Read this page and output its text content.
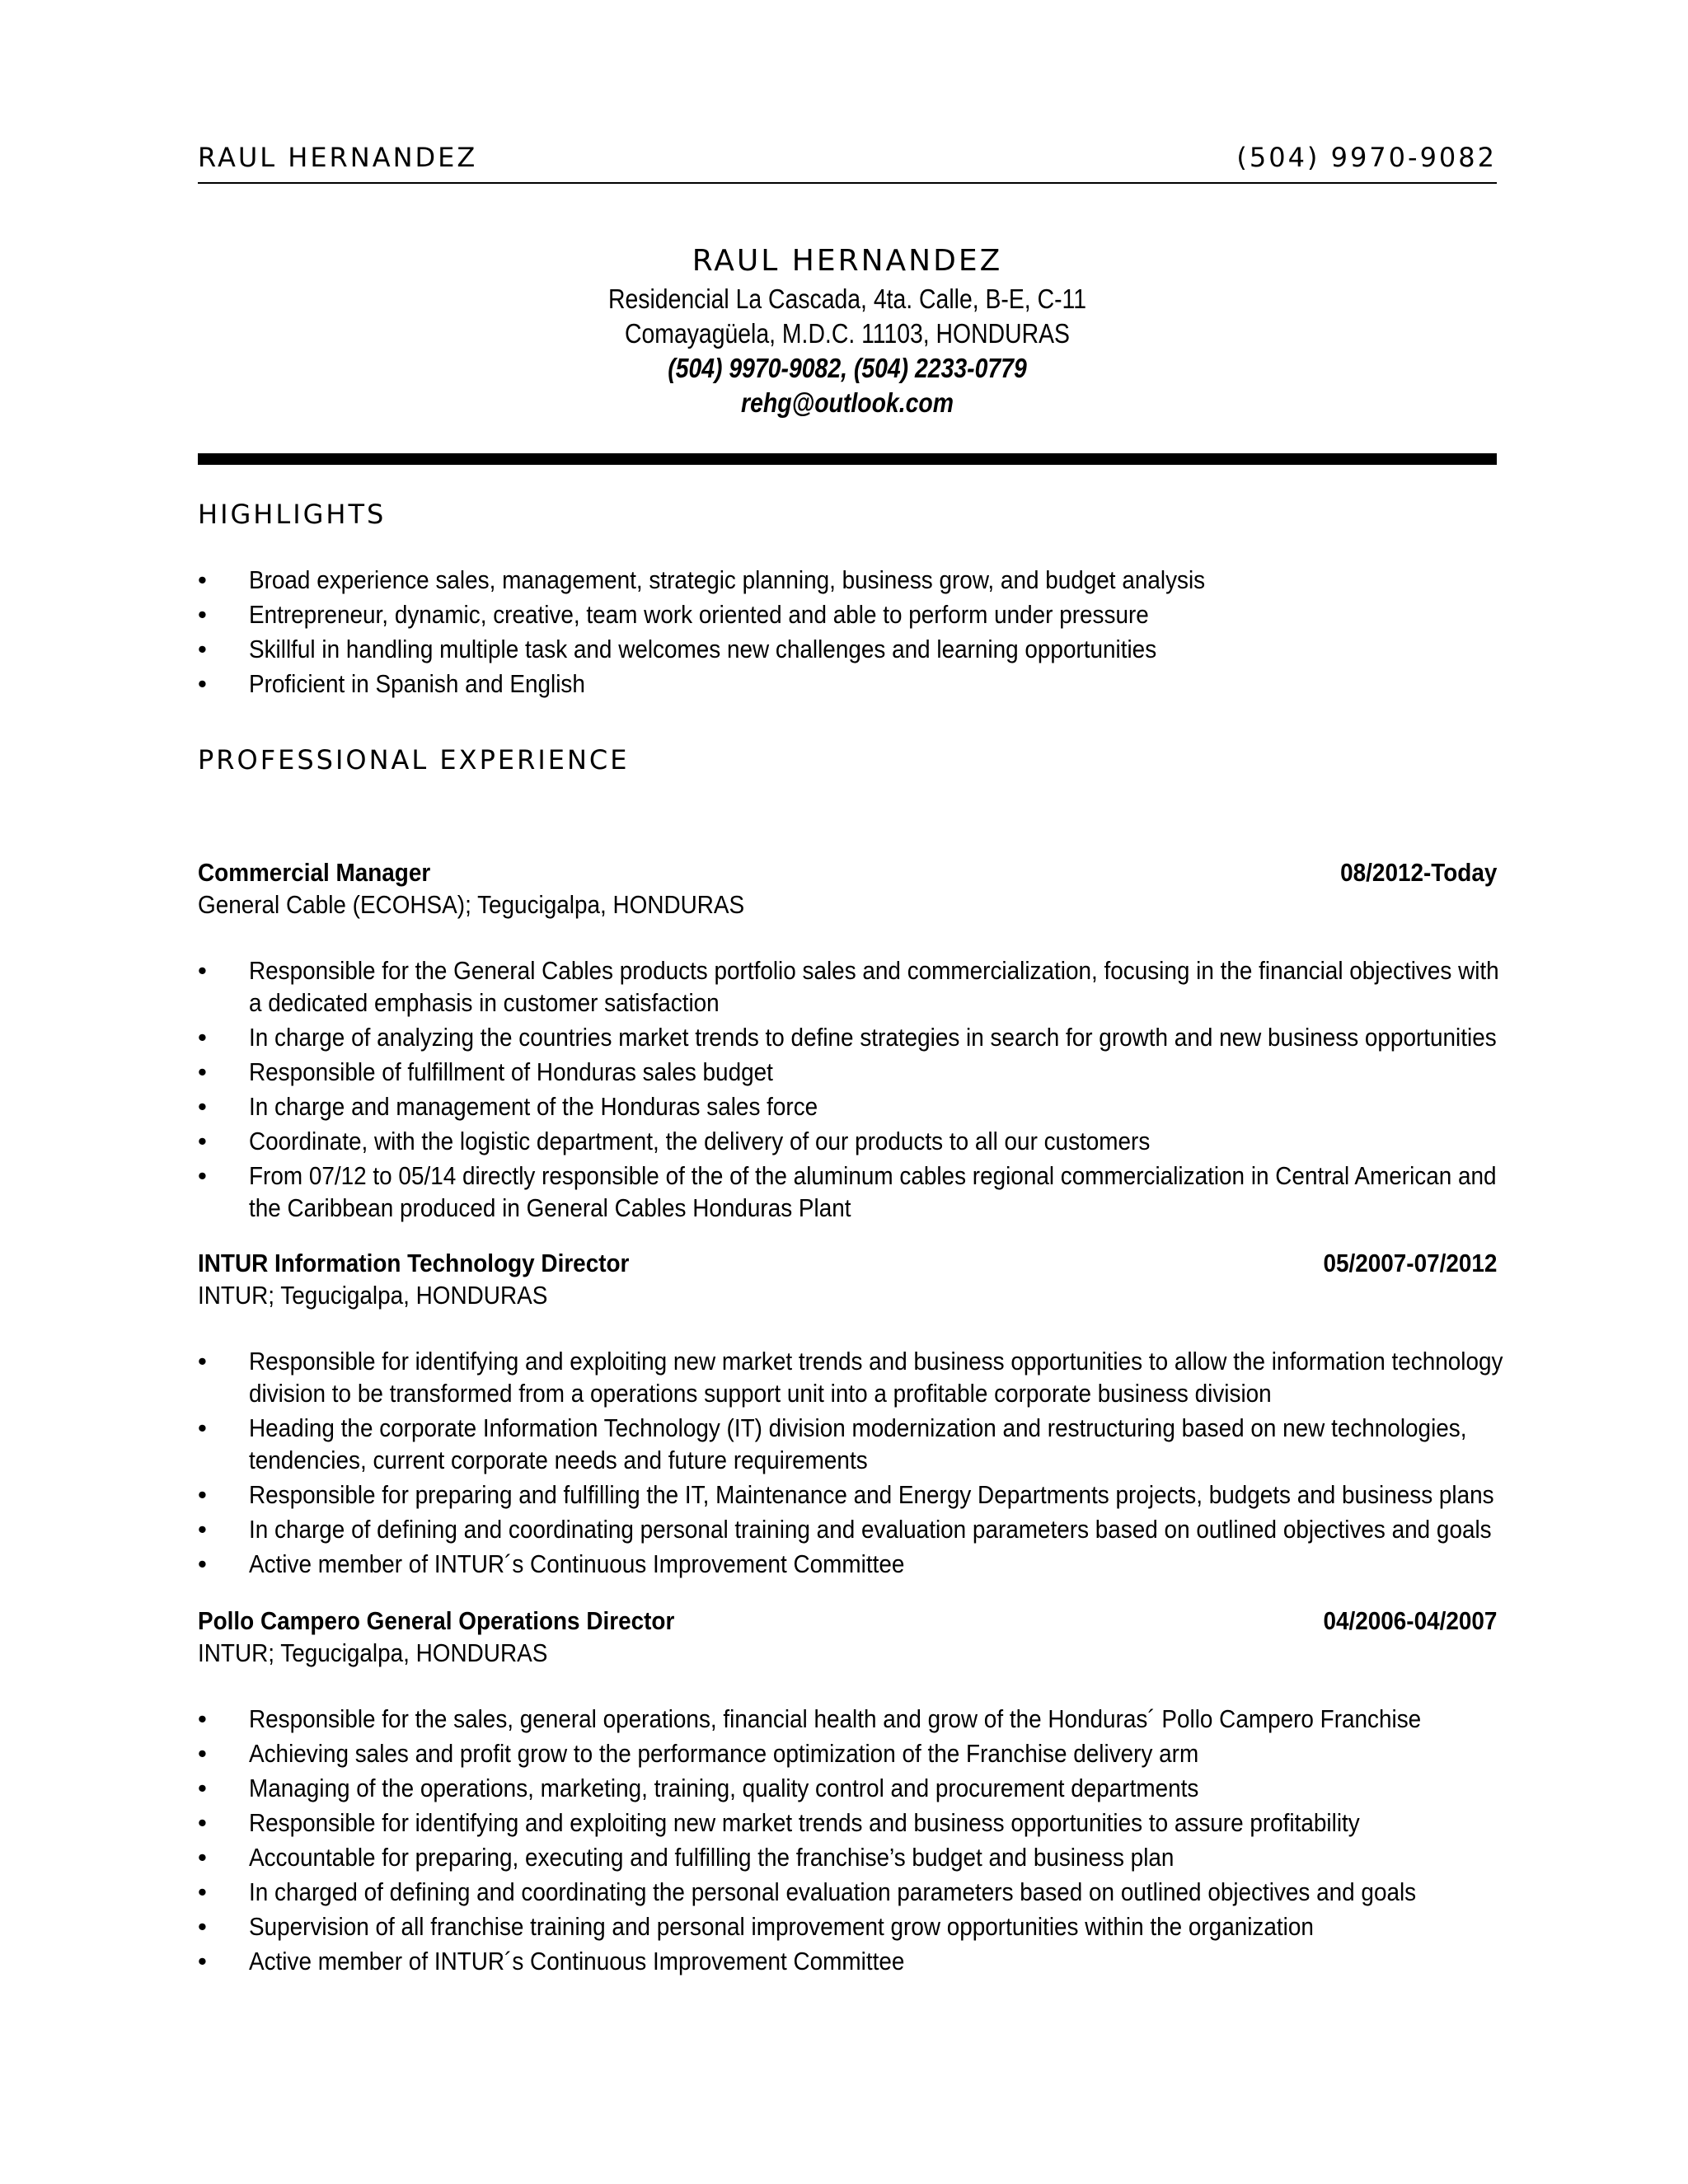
RAUL HERNANDEZ	(504) 9970-9082
RAUL HERNANDEZ
Residencial La Cascada, 4ta. Calle, B-E, C-11
Comayagüela, M.D.C. 11103, HONDURAS
(504) 9970-9082, (504) 2233-0779
rehg@outlook.com
HIGHLIGHTS
• Broad experience sales, management, strategic planning, business grow, and budget analysis
• Entrepreneur, dynamic, creative, team work oriented and able to perform under pressure
• Skillful in handling multiple task and welcomes new challenges and learning opportunities
• Proficient in Spanish and English
PROFESSIONAL EXPERIENCE
Commercial Manager	08/2012-Today
General Cable (ECOHSA); Tegucigalpa, HONDURAS
• Responsible for the General Cables products portfolio sales and commercialization, focusing in the financial objectives with a dedicated emphasis in customer satisfaction
• In charge of analyzing the countries market trends to define strategies in search for growth and new business opportunities
• Responsible of fulfillment of Honduras sales budget
• In charge and management of the Honduras sales force
• Coordinate, with the logistic department, the delivery of our products to all our customers
• From 07/12 to 05/14 directly responsible of the of the aluminum cables regional commercialization in Central American and the Caribbean produced in General Cables Honduras Plant
INTUR Information Technology Director	05/2007-07/2012
INTUR; Tegucigalpa, HONDURAS
• Responsible for identifying and exploiting new market trends and business opportunities to allow the information technology division to be transformed from a operations support unit into a profitable corporate business division
• Heading the corporate Information Technology (IT) division modernization and restructuring based on new technologies, tendencies, current corporate needs and future requirements
• Responsible for preparing and fulfilling the IT, Maintenance and Energy Departments projects, budgets and business plans
• In charge of defining and coordinating personal training and evaluation parameters based on outlined objectives and goals
• Active member of INTUR´s Continuous Improvement Committee
Pollo Campero General Operations Director	04/2006-04/2007
INTUR; Tegucigalpa, HONDURAS
• Responsible for the sales, general operations, financial health and grow of the Honduras´ Pollo Campero Franchise
• Achieving sales and profit grow to the performance optimization of the Franchise delivery arm
• Managing of the operations, marketing, training, quality control and procurement departments
• Responsible for identifying and exploiting new market trends and business opportunities to assure profitability
• Accountable for preparing, executing and fulfilling the franchise’s budget and business plan
• In charged of defining and coordinating the personal evaluation parameters based on outlined objectives and goals
• Supervision of all franchise training and personal improvement grow opportunities within the organization
• Active member of INTUR´s Continuous Improvement Committee
